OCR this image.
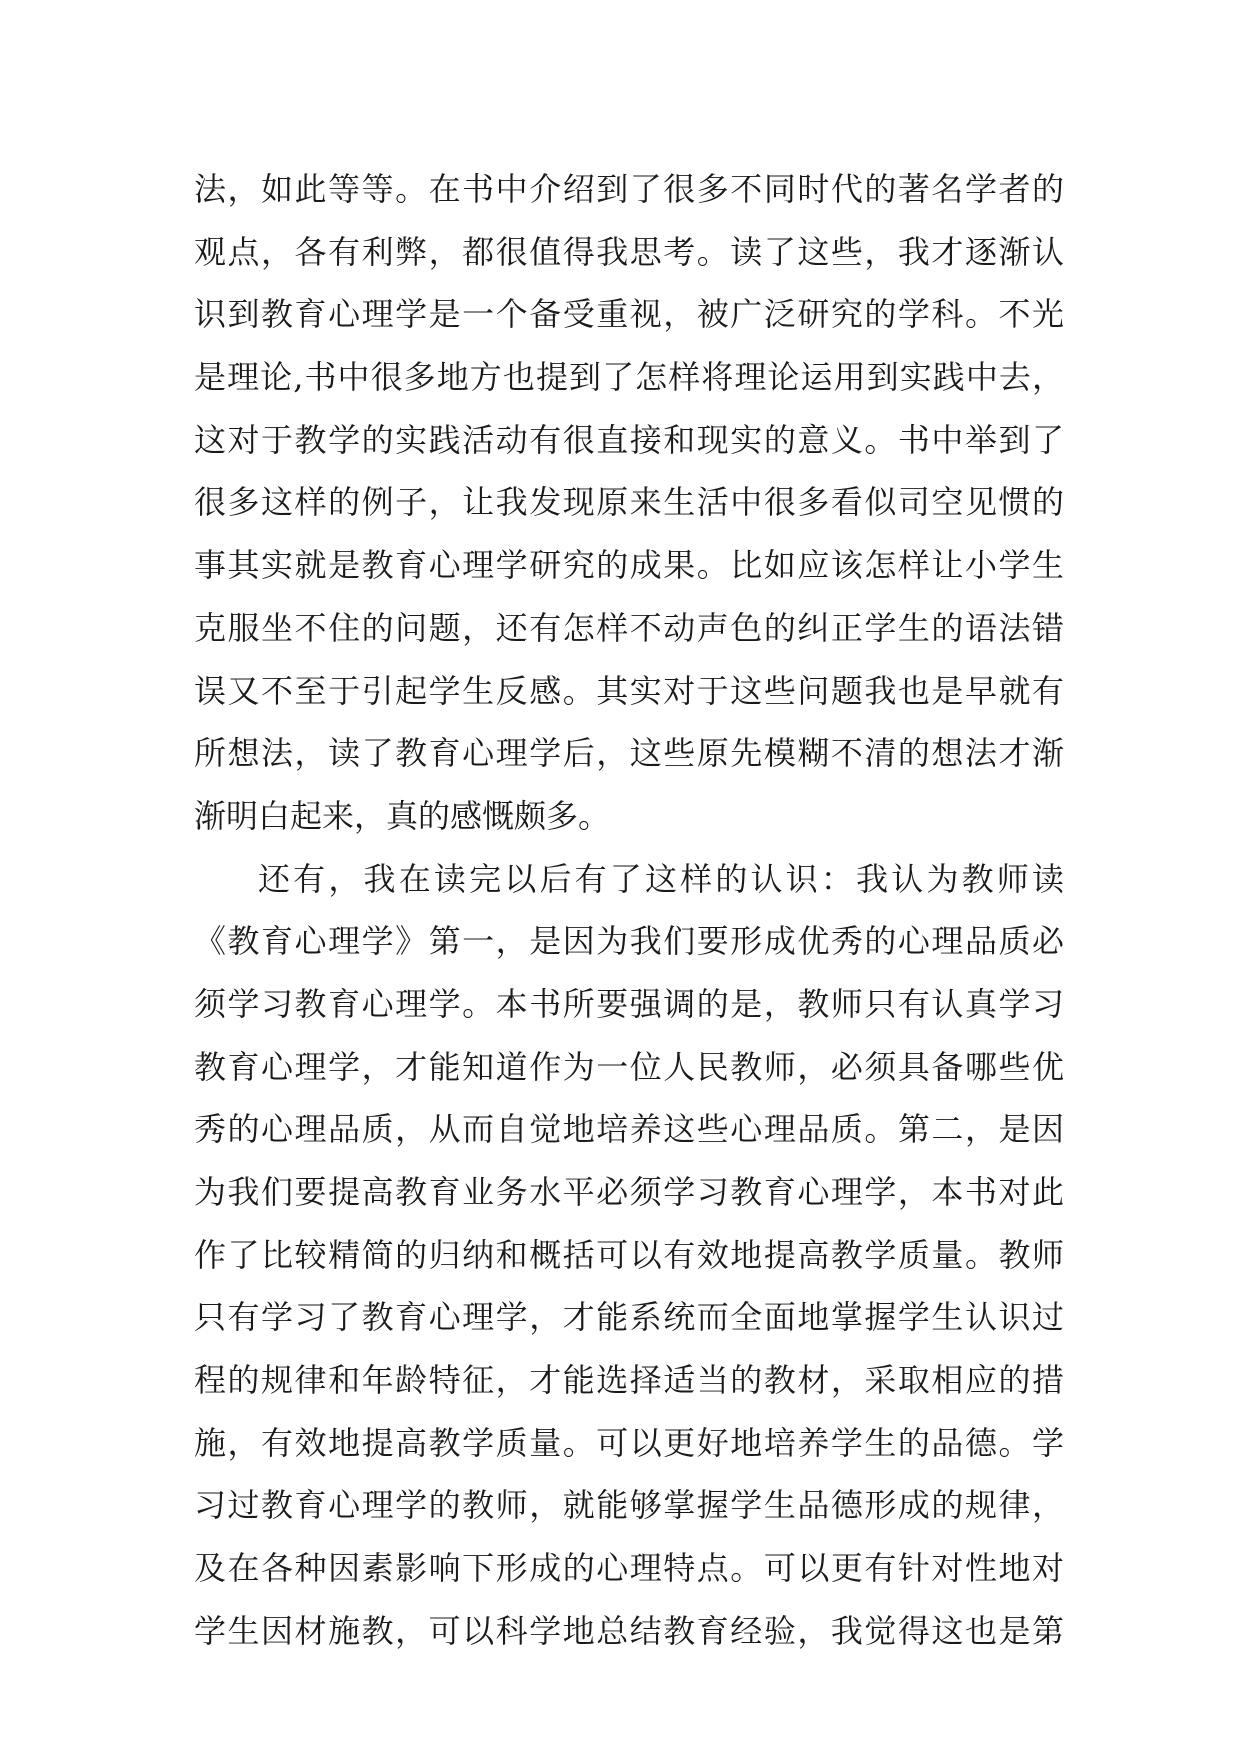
法，如此等等。在书中介绍到了很多不同时代的著名学者的
观点，各有利弊，都很值得我思考。读了这些，我才逐渐认
识到教育心理学是一个备受重视，被广泛研究的学科。不光
是理论,书中很多地方也提到了怎样将理论运用到实践中去，
这对于教学的实践活动有很直接和现实的意义。书中举到了
很多这样的例子，让我发现原来生活中很多看似司空见惯的
事其实就是教育心理学研究的成果。比如应该怎样让小学生
克服坐不住的问题，还有怎样不动声色的纠正学生的语法错
误又不至于引起学生反感。其实对于这些问题我也是早就有
所想法，读了教育心理学后，这些原先模糊不清的想法才渐
渐明白起来，真的感慨颇多。
还有，我在读完以后有了这样的认识：我认为教师读
《教育心理学》第一，是因为我们要形成优秀的心理品质必
须学习教育心理学。本书所要强调的是，教师只有认真学习
教育心理学，才能知道作为一位人民教师，必须具备哪些优
秀的心理品质，从而自觉地培养这些心理品质。第二，是因
为我们要提高教育业务水平必须学习教育心理学，本书对此
作了比较精简的归纳和概括可以有效地提高教学质量。教师
只有学习了教育心理学，才能系统而全面地掌握学生认识过
程的规律和年龄特征，才能选择适当的教材，采取相应的措
施，有效地提高教学质量。可以更好地培养学生的品德。学
习过教育心理学的教师，就能够掌握学生品德形成的规律，
及在各种因素影响下形成的心理特点。可以更有针对性地对
学生因材施教，可以科学地总结教育经验，我觉得这也是第
